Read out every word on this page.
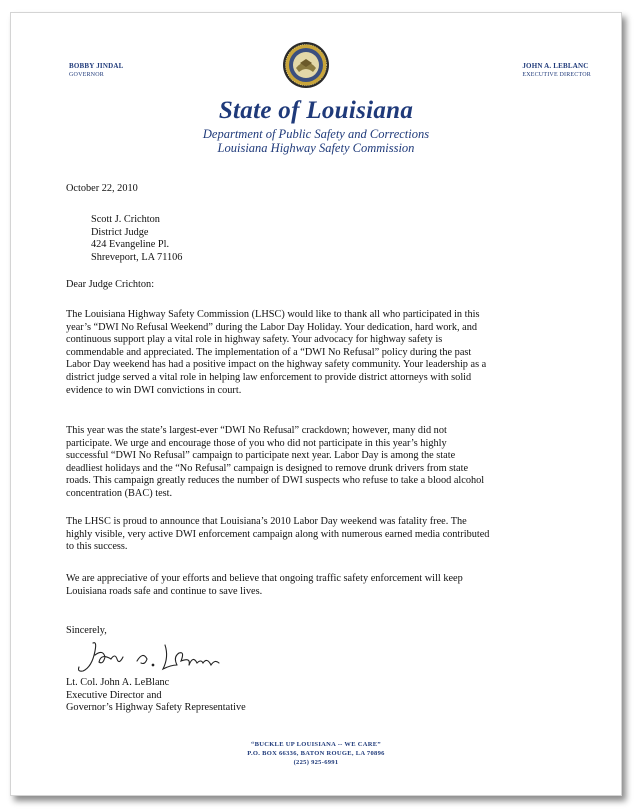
BOBBY JINDAL
GOVERNOR
JOHN A. LEBLANC
EXECUTIVE DIRECTOR
State of Louisiana
Department of Public Safety and Corrections
Louisiana Highway Safety Commission
October 22, 2010
Scott J. Crichton
District Judge
424 Evangeline Pl.
Shreveport, LA 71106
Dear Judge Crichton:
The Louisiana Highway Safety Commission (LHSC) would like to thank all who participated in this
year’s “DWI No Refusal Weekend” during the Labor Day Holiday. Your dedication, hard work, and
continuous support play a vital role in highway safety. Your advocacy for highway safety is
commendable and appreciated. The implementation of a “DWI No Refusal” policy during the past
Labor Day weekend has had a positive impact on the highway safety community. Your leadership as a
district judge served a vital role in helping law enforcement to provide district attorneys with solid
evidence to win DWI convictions in court.
This year was the state’s largest-ever “DWI No Refusal” crackdown; however, many did not
participate. We urge and encourage those of you who did not participate in this year’s highly
successful “DWI No Refusal” campaign to participate next year. Labor Day is among the state
deadliest holidays and the “No Refusal” campaign is designed to remove drunk drivers from state
roads. This campaign greatly reduces the number of DWI suspects who refuse to take a blood alcohol
concentration (BAC) test.
The LHSC is proud to announce that Louisiana’s 2010 Labor Day weekend was fatality free. The
highly visible, very active DWI enforcement campaign along with numerous earned media contributed
to this success.
We are appreciative of your efforts and believe that ongoing traffic safety enforcement will keep
Louisiana roads safe and continue to save lives.
Sincerely,
Lt. Col. John A. LeBlanc
Executive Director and
Governor’s Highway Safety Representative
“BUCKLE UP LOUISIANA -- WE CARE”
P.O. BOX 66336, BATON ROUGE, LA 70896
(225) 925-6991
